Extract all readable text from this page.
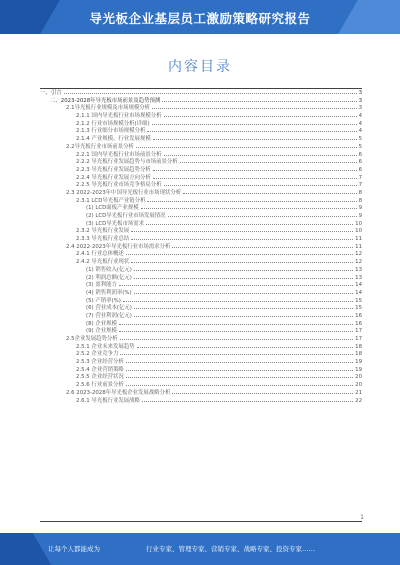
导光板企业基层员工激励策略研究报告
内容目录
一、引言	3
二、2023-2028年导光板市场前景及趋势预测	3
2.1导光板行业规模及市场规模分析	3
2.1.1 国内导光板行业市场规模分析	4
2.1.2 行业市场规模分析(详细)	4
2.1.3 行业细分市场规模分析	4
2.1.4 产业规模、行业发展规模	5
2.2导光板行业市场前景分析	5
2.2.1 国内导光板行业市场前景分析	6
2.2.2 导光板行业发展趋势与市场前景分析	6
2.2.3 导光板行业发展趋势分析	6
2.2.4 导光板行业发展方向分析	7
2.2.5 导光板行业市场竞争格局分析	7
2.3 2022-2023年中国导光板行业市场现状分析	8
2.3.1 LCD导光板产业链分析	8
(1) LCD面板产业规模	9
(2) LCD导光板行业市场发展情况	9
(3) LCD导光板市场需求	10
2.3.2 导光板行业发展	10
2.3.3 导光板行业总结	11
2.4 2022-2023年导光板行业市场需求分析	11
2.4.1 行业总体概述	12
2.4.2 导光板行业现状	12
(1) 销售收入(亿元)	13
(2) 利润总额(亿元)	13
(3) 盈利能力	14
(4) 销售利润率(%)	14
(5) 产销率(%)	15
(6) 营业成本(亿元)	15
(7) 营业利润(亿元)	16
(8) 企业规模	16
(9) 企业规模	17
2.5企业发展趋势分析	17
2.5.1 企业未来发展趋势	18
2.5.2 企业竞争力	18
2.5.3 企业经营分析	19
2.5.4 企业营销策略	19
2.5.5 企业经营状况	20
2.5.6 行业前景分析	20
2.6 2023-2028年导光板企业发展战略分析	21
2.6.1 导光板行业发展战略	22
1
让每个人都能成为	行业专家、管理专家、营销专家、战略专家、投资专家……
